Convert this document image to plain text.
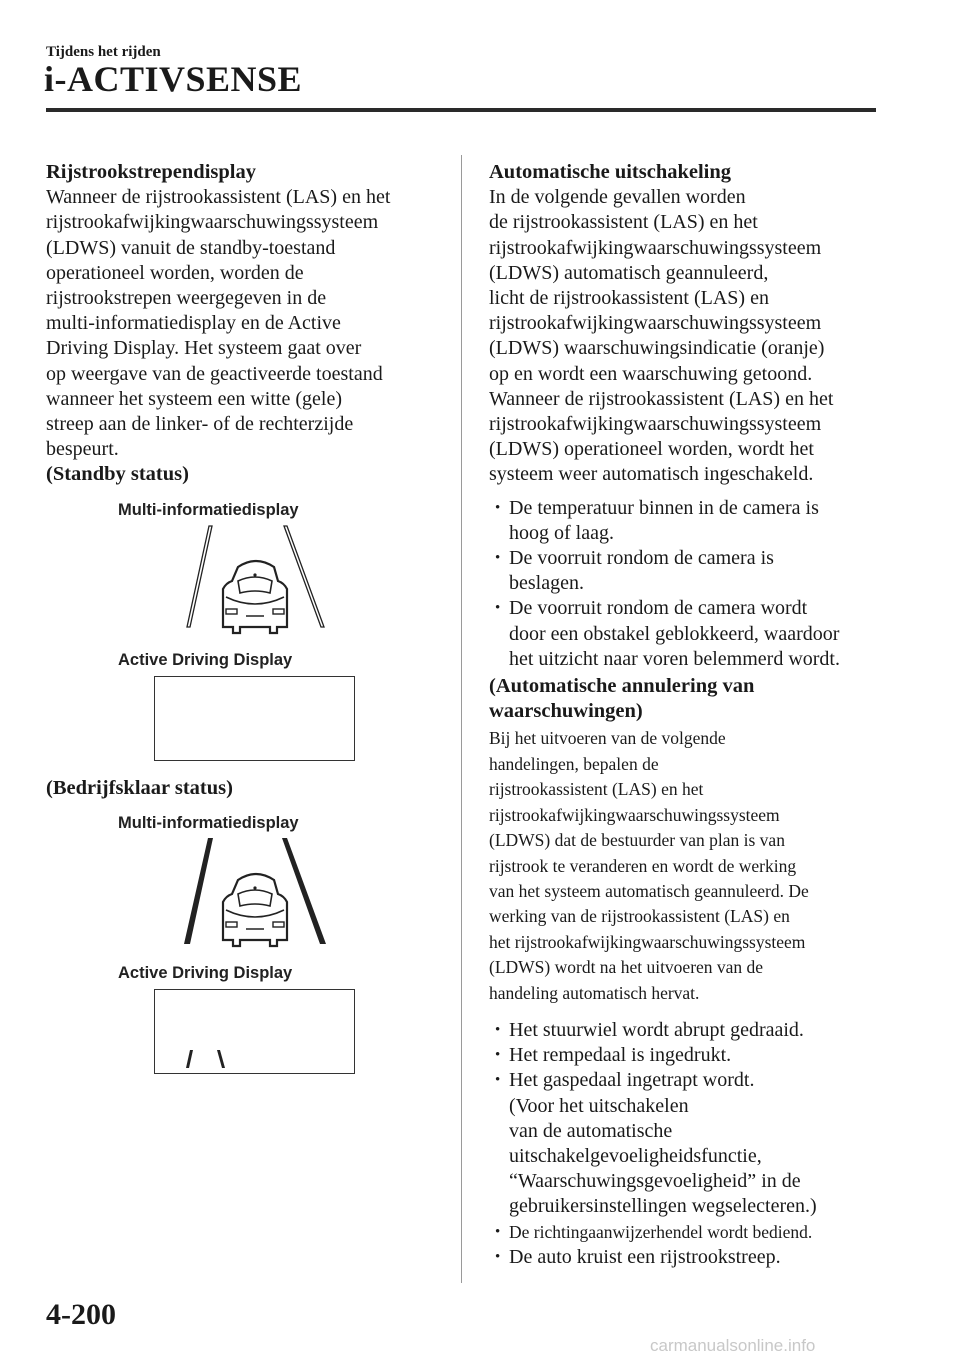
Tijdens het rijden
i-ACTIVSENSE
Rijstrookstrependisplay
Wanneer de rijstrookassistent (LAS) en het
rijstrookafwijkingwaarschuwingssysteem
(LDWS) vanuit de standby-toestand
operationeel worden, worden de
rijstrookstrepen weergegeven in de
multi-informatiedisplay en de Active
Driving Display. Het systeem gaat over
op weergave van de geactiveerde toestand
wanneer het systeem een witte (gele)
streep aan de linker- of de rechterzijde
bespeurt.
(Standby status)
Multi-informatiedisplay
Active Driving Display
(Bedrijfsklaar status)
Multi-informatiedisplay
Active Driving Display
Automatische uitschakeling
In de volgende gevallen worden
de rijstrookassistent (LAS) en het
rijstrookafwijkingwaarschuwingssysteem
(LDWS) automatisch geannuleerd,
licht de rijstrookassistent (LAS) en
rijstrookafwijkingwaarschuwingssysteem
(LDWS) waarschuwingsindicatie (oranje)
op en wordt een waarschuwing getoond.
Wanneer de rijstrookassistent (LAS) en het
rijstrookafwijkingwaarschuwingssysteem
(LDWS) operationeel worden, wordt het
systeem weer automatisch ingeschakeld.
• De temperatuur binnen in de camera is
hoog of laag.
• De voorruit rondom de camera is
beslagen.
• De voorruit rondom de camera wordt
door een obstakel geblokkeerd, waardoor
het uitzicht naar voren belemmerd wordt.
(Automatische annulering van
waarschuwingen)
Bij het uitvoeren van de volgende
handelingen, bepalen de
rijstrookassistent (LAS) en het
rijstrookafwijkingwaarschuwingssysteem
(LDWS) dat de bestuurder van plan is van
rijstrook te veranderen en wordt de werking
van het systeem automatisch geannuleerd. De
werking van de rijstrookassistent (LAS) en
het rijstrookafwijkingwaarschuwingssysteem
(LDWS) wordt na het uitvoeren van de
handeling automatisch hervat.
• Het stuurwiel wordt abrupt gedraaid.
• Het rempedaal is ingedrukt.
• Het gaspedaal ingetrapt wordt.
(Voor het uitschakelen
van de automatische
uitschakelgevoeligheidsfunctie,
“Waarschuwingsgevoeligheid” in de
gebruikersinstellingen wegselecteren.)
• De richtingaanwijzerhendel wordt bediend.
• De auto kruist een rijstrookstreep.
4-200
carmanualsonline.info
